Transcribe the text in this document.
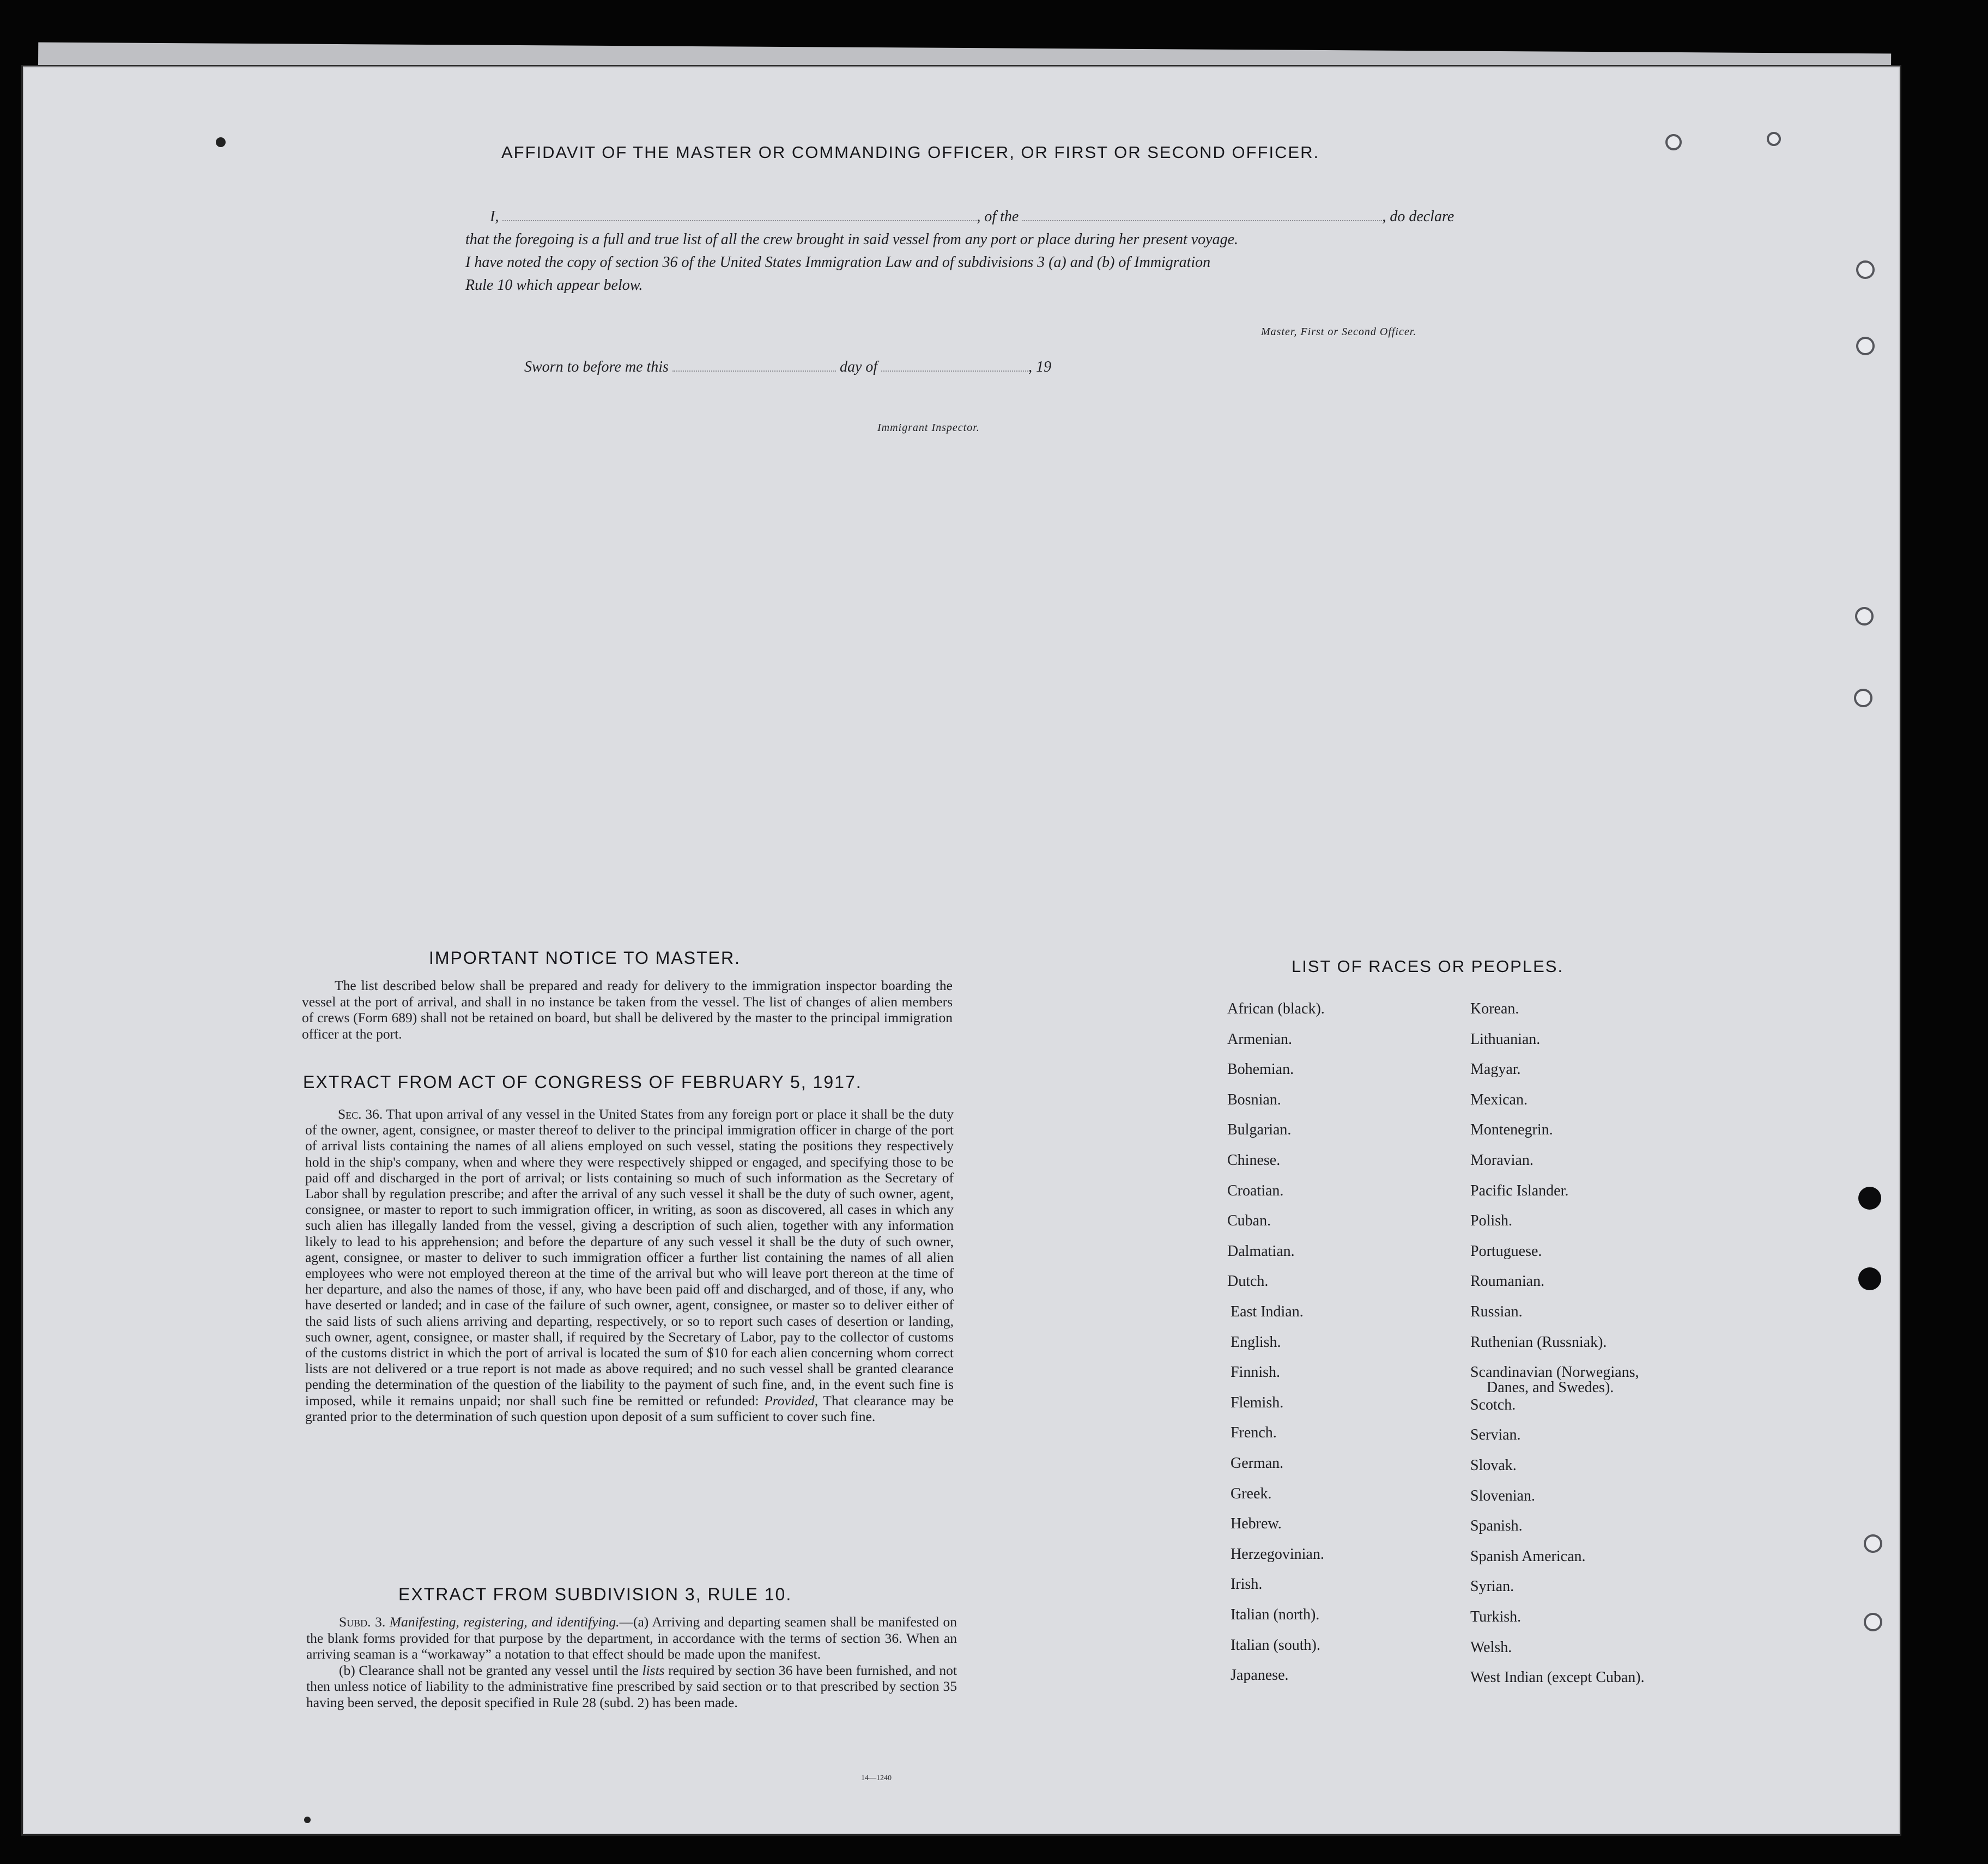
AFFIDAVIT OF THE MASTER OR COMMANDING OFFICER, OR FIRST OR SECOND OFFICER.
I,	, of the	, do declare
that the foregoing is a full and true list of all the crew brought in said vessel from any port or place during her present voyage.
I have noted the copy of section 36 of the United States Immigration Law and of subdivisions 3 (a) and (b) of Immigration
Rule 10 which appear below.
Master, First or Second Officer.
Sworn to before me this	day of	, 19
Immigrant Inspector.
IMPORTANT NOTICE TO MASTER.

The list described below shall be prepared and ready for delivery to the immigration inspector boarding the vessel at the port of arrival, and shall in no instance be taken from the vessel. The list of changes of alien members of crews (Form 689) shall not be retained on board, but shall be delivered by the master to the principal immigration officer at the port.

EXTRACT FROM ACT OF CONGRESS OF FEBRUARY 5, 1917.

Sec. 36. That upon arrival of any vessel in the United States from any foreign port or place it shall be the duty of the owner, agent, consignee, or master thereof to deliver to the principal immigration officer in charge of the port of arrival lists containing the names of all aliens employed on such vessel, stating the positions they respectively hold in the ship's company, when and where they were respectively shipped or engaged, and specifying those to be paid off and discharged in the port of arrival; or lists containing so much of such information as the Secretary of Labor shall by regulation prescribe; and after the arrival of any such vessel it shall be the duty of such owner, agent, consignee, or master to report to such immigration officer, in writing, as soon as discovered, all cases in which any such alien has illegally landed from the vessel, giving a description of such alien, together with any information likely to lead to his apprehension; and before the departure of any such vessel it shall be the duty of such owner, agent, consignee, or master to deliver to such immigration officer a further list containing the names of all alien employees who were not employed thereon at the time of the arrival but who will leave port thereon at the time of her departure, and also the names of those, if any, who have been paid off and discharged, and of those, if any, who have deserted or landed; and in case of the failure of such owner, agent, consignee, or master so to deliver either of the said lists of such aliens arriving and departing, respectively, or so to report such cases of desertion or landing, such owner, agent, consignee, or master shall, if required by the Secretary of Labor, pay to the collector of customs of the customs district in which the port of arrival is located the sum of $10 for each alien concerning whom correct lists are not delivered or a true report is not made as above required; and no such vessel shall be granted clearance pending the determination of the question of the liability to the payment of such fine, and, in the event such fine is imposed, while it remains unpaid; nor shall such fine be remitted or refunded: Provided, That clearance may be granted prior to the determination of such question upon deposit of a sum sufficient to cover such fine.

EXTRACT FROM SUBDIVISION 3, RULE 10.

Subd. 3. Manifesting, registering, and identifying.—(a) Arriving and departing seamen shall be manifested on the blank forms provided for that purpose by the department, in accordance with the terms of section 36. When an arriving seaman is a “workaway” a notation to that effect should be made upon the manifest.

(b) Clearance shall not be granted any vessel until the lists required by section 36 have been furnished, and not then unless notice of liability to the administrative fine prescribed by said section or to that prescribed by section 35 having been served, the deposit specified in Rule 28 (subd. 2) has been made.

14—1240
LIST OF RACES OR PEOPLES.
African (black).
Armenian.
Bohemian.
Bosnian.
Bulgarian.
Chinese.
Croatian.
Cuban.
Dalmatian.
Dutch.
East Indian.
English.
Finnish.
Flemish.
French.
German.
Greek.
Hebrew.
Herzegovinian.
Irish.
Italian (north).
Italian (south).
Japanese.
Korean.
Lithuanian.
Magyar.
Mexican.
Montenegrin.
Moravian.
Pacific Islander.
Polish.
Portuguese.
Roumanian.
Russian.
Ruthenian (Russniak).
Scandinavian (Norwegians,
Scotch.
Servian.
Slovak.
Slovenian.
Spanish.
Spanish American.
Syrian.
Turkish.
Welsh.
West Indian (except Cuban).
Danes, and Swedes).
